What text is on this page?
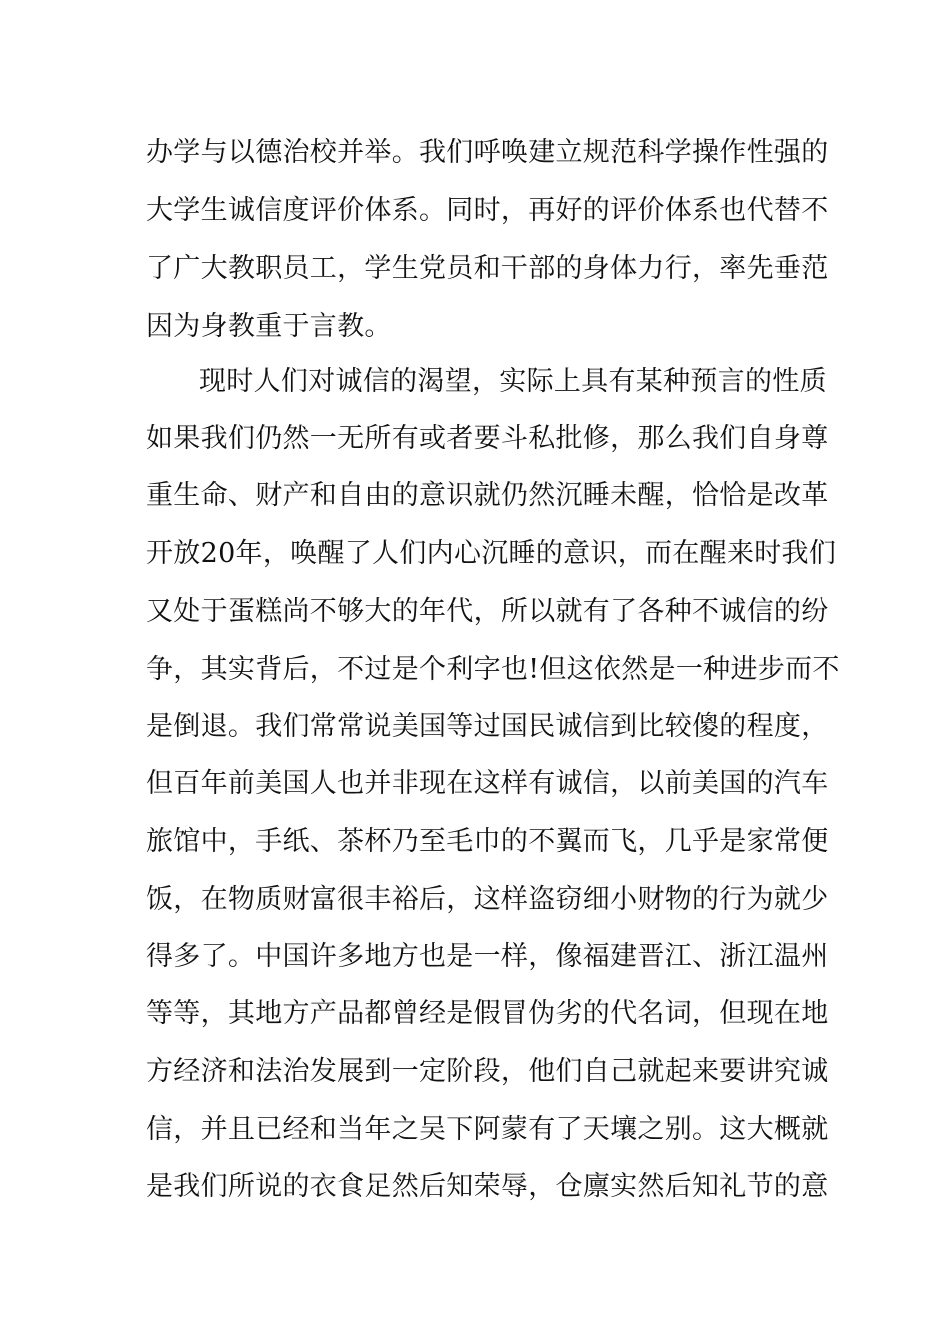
办学与以德治校并举。我们呼唤建立规范科学操作性强的
大学生诚信度评价体系。同时，再好的评价体系也代替不
了广大教职员工，学生党员和干部的身体力行，率先垂范
因为身教重于言教。
现时人们对诚信的渴望，实际上具有某种预言的性质
如果我们仍然一无所有或者要斗私批修，那么我们自身尊
重生命、财产和自由的意识就仍然沉睡未醒，恰恰是改革
开放20年，唤醒了人们内心沉睡的意识，而在醒来时我们
又处于蛋糕尚不够大的年代，所以就有了各种不诚信的纷
争，其实背后，不过是个利字也!但这依然是一种进步而不
是倒退。我们常常说美国等过国民诚信到比较傻的程度，
但百年前美国人也并非现在这样有诚信，以前美国的汽车
旅馆中，手纸、茶杯乃至毛巾的不翼而飞，几乎是家常便
饭，在物质财富很丰裕后，这样盗窃细小财物的行为就少
得多了。中国许多地方也是一样，像福建晋江、浙江温州
等等，其地方产品都曾经是假冒伪劣的代名词，但现在地
方经济和法治发展到一定阶段，他们自己就起来要讲究诚
信，并且已经和当年之吴下阿蒙有了天壤之别。这大概就
是我们所说的衣食足然后知荣辱，仓廪实然后知礼节的意
